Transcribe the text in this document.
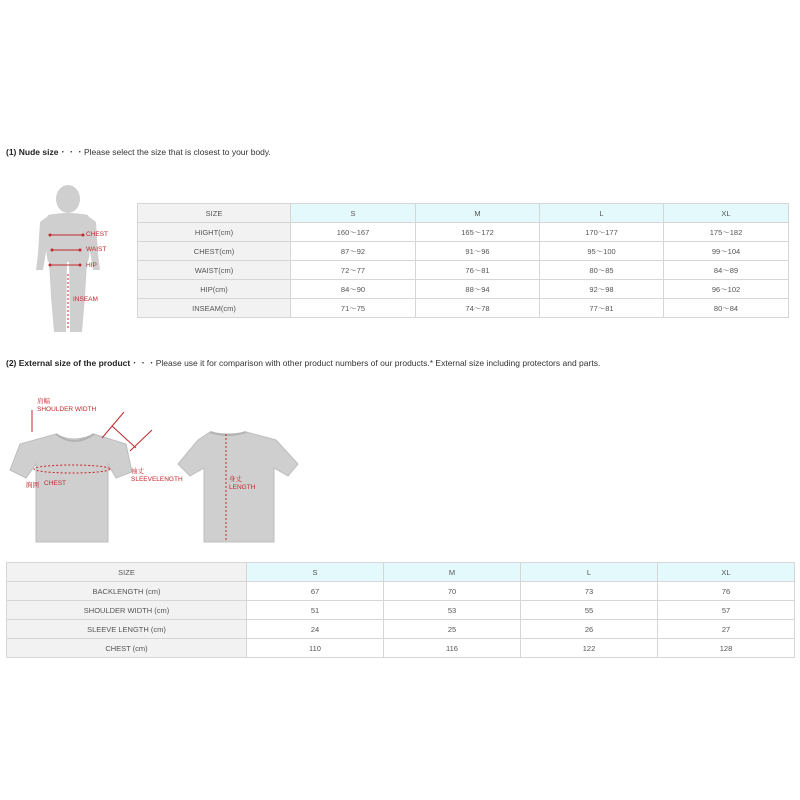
(1) Nude size・・・Please select the size that is closest to your body.
CHEST
WAIST
HIP
INSEAM
SIZE	S	M	L	XL
HIGHT(cm)	160～167	165～172	170～177	175～182
CHEST(cm)	87～92	91～96	95～100	99～104
WAIST(cm)	72～77	76～81	80～85	84～89
HIP(cm)	84～90	88～94	92～98	96～102
INSEAM(cm)	71～75	74～78	77～81	80～84
(2) External size of the product・・・Please use it for comparison with other product numbers of our products.* External size including protectors and parts.
肩幅
SHOULDER WIDTH
袖丈
SLEEVELENGTH
胸囲 CHEST
身丈
LENGTH
SIZE	S	M	L	XL
BACKLENGTH (cm)	67	70	73	76
SHOULDER WIDTH (cm)	51	53	55	57
SLEEVE LENGTH (cm)	24	25	26	27
CHEST (cm)	110	116	122	128
